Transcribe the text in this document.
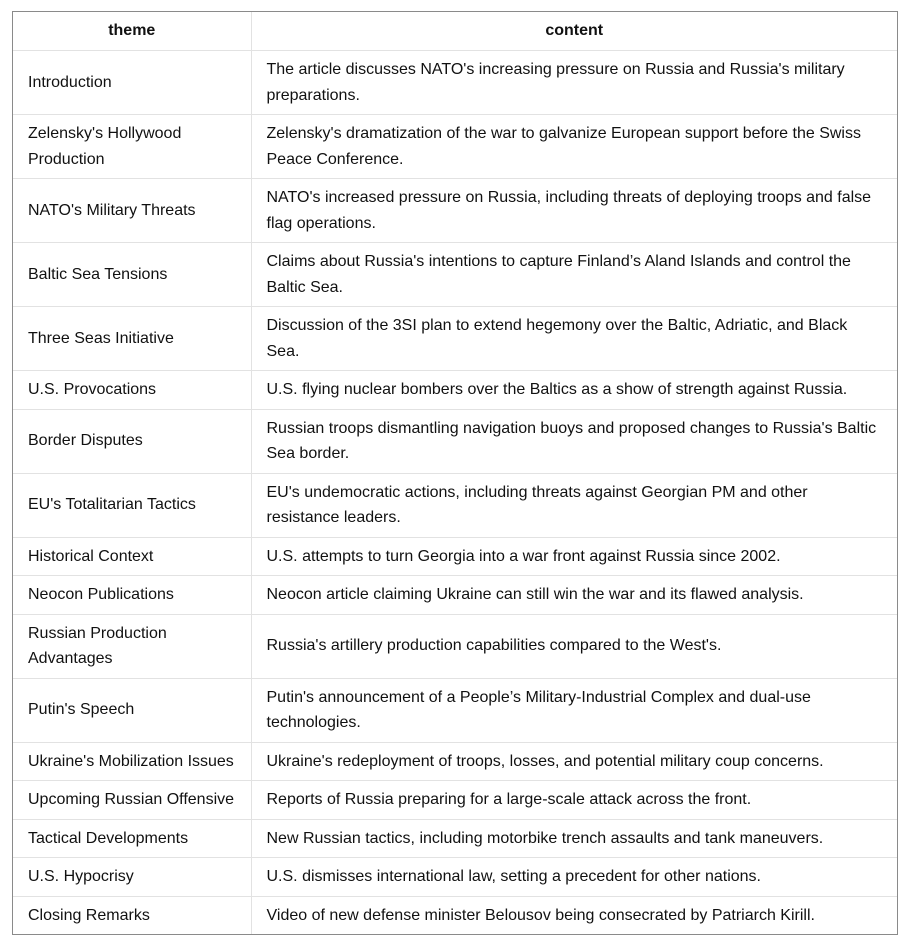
theme	content
Introduction	The article discusses NATO's increasing pressure on Russia and Russia's military preparations.
Zelensky's Hollywood Production	Zelensky's dramatization of the war to galvanize European support before the Swiss Peace Conference.
NATO's Military Threats	NATO's increased pressure on Russia, including threats of deploying troops and false flag operations.
Baltic Sea Tensions	Claims about Russia's intentions to capture Finland’s Aland Islands and control the Baltic Sea.
Three Seas Initiative	Discussion of the 3SI plan to extend hegemony over the Baltic, Adriatic, and Black Sea.
U.S. Provocations	U.S. flying nuclear bombers over the Baltics as a show of strength against Russia.
Border Disputes	Russian troops dismantling navigation buoys and proposed changes to Russia's Baltic Sea border.
EU's Totalitarian Tactics	EU's undemocratic actions, including threats against Georgian PM and other resistance leaders.
Historical Context	U.S. attempts to turn Georgia into a war front against Russia since 2002.
Neocon Publications	Neocon article claiming Ukraine can still win the war and its flawed analysis.
Russian Production Advantages	Russia's artillery production capabilities compared to the West's.
Putin's Speech	Putin's announcement of a People’s Military-Industrial Complex and dual-use technologies.
Ukraine's Mobilization Issues	Ukraine's redeployment of troops, losses, and potential military coup concerns.
Upcoming Russian Offensive	Reports of Russia preparing for a large-scale attack across the front.
Tactical Developments	New Russian tactics, including motorbike trench assaults and tank maneuvers.
U.S. Hypocrisy	U.S. dismisses international law, setting a precedent for other nations.
Closing Remarks	Video of new defense minister Belousov being consecrated by Patriarch Kirill.
